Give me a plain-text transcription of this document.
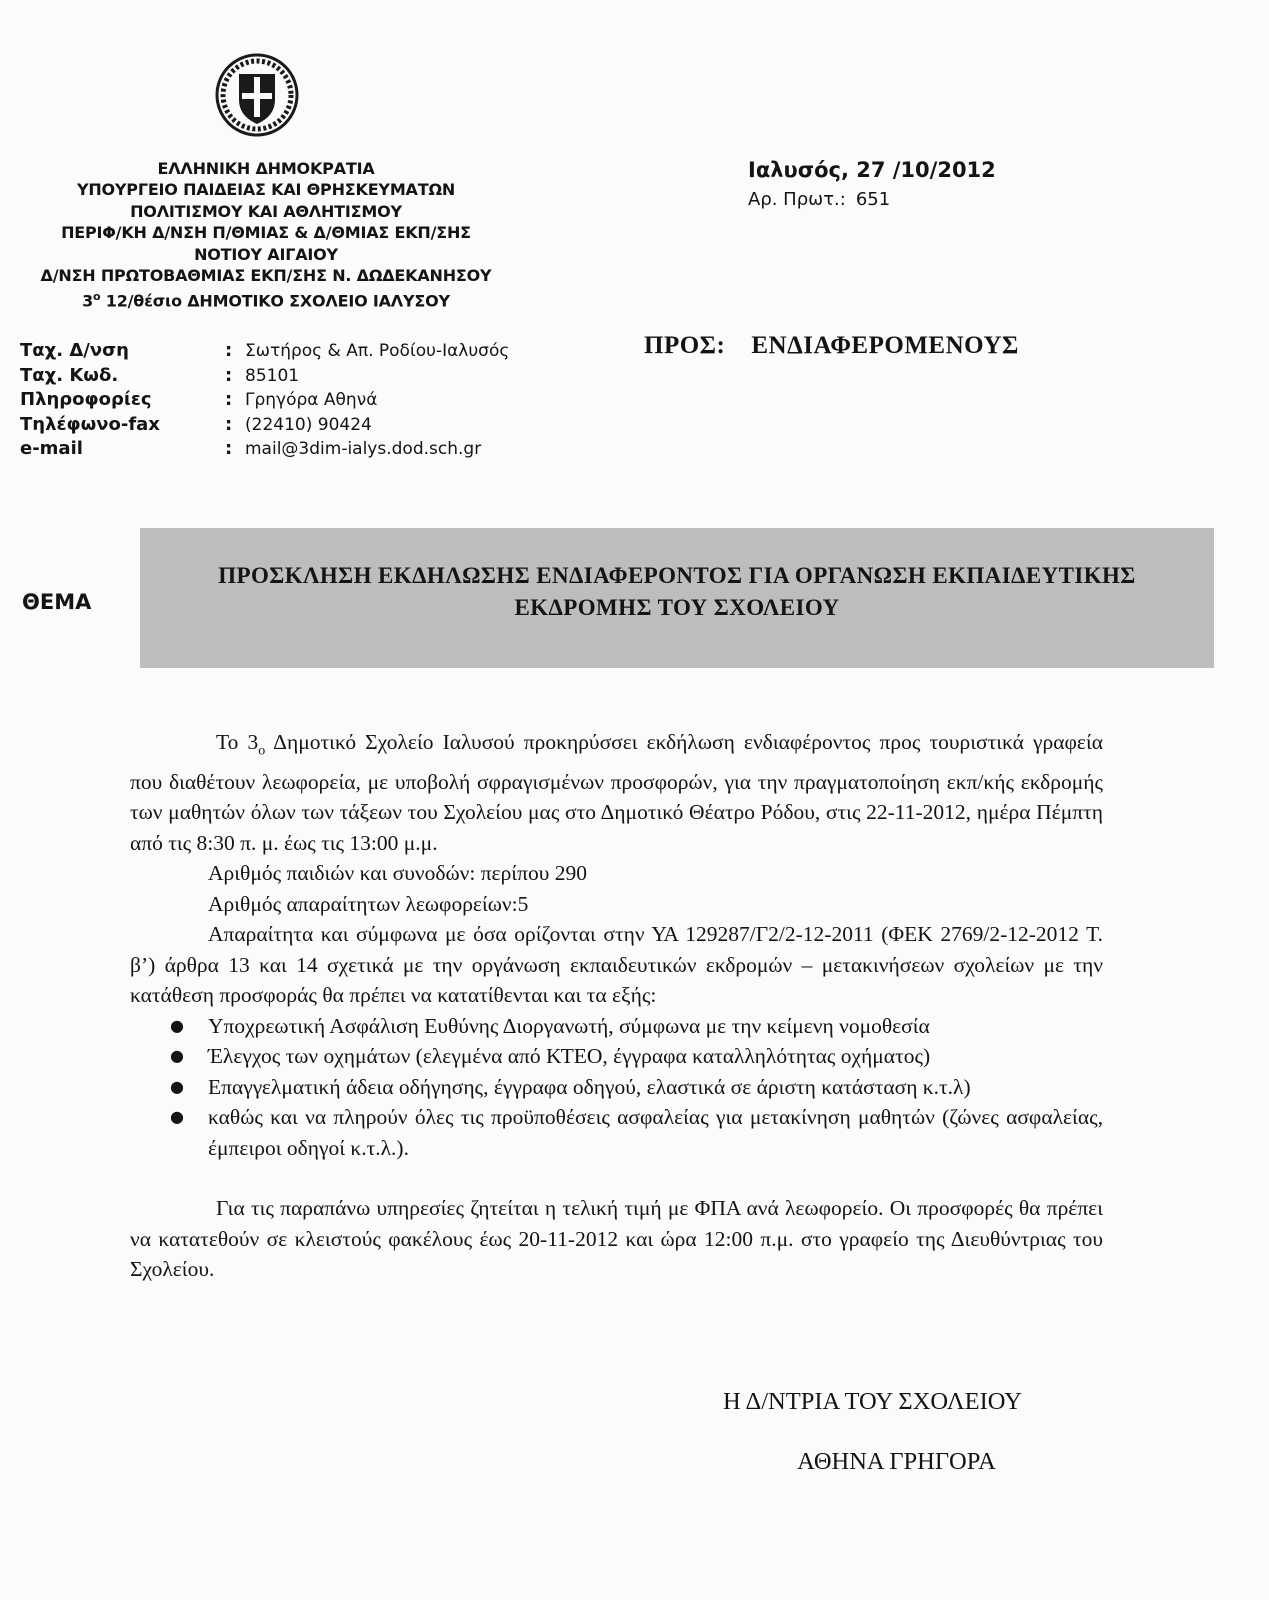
ΕΛΛΗΝΙΚΗ ΔΗΜΟΚΡΑΤΙΑ
ΥΠΟΥΡΓΕΙΟ ΠΑΙΔΕΙΑΣ ΚΑΙ ΘΡΗΣΚΕΥΜΑΤΩΝ
ΠΟΛΙΤΙΣΜΟΥ ΚΑΙ ΑΘΛΗΤΙΣΜΟΥ
ΠΕΡΙΦ/ΚΗ Δ/ΝΣΗ Π/ΘΜΙΑΣ & Δ/ΘΜΙΑΣ ΕΚΠ/ΣΗΣ
ΝΟΤΙΟΥ ΑΙΓΑΙΟΥ
Δ/ΝΣΗ ΠΡΩΤΟΒΑΘΜΙΑΣ ΕΚΠ/ΣΗΣ Ν. ΔΩΔΕΚΑΝΗΣΟΥ
$3^o$ 12/θέσιο ΔΗΜΟΤΙΚΟ ΣΧΟΛΕΙΟ ΙΑΛΥΣΟΥ
Ιαλυσός, 27 /10/2012
Αρ. Πρωτ.: 651
Ταχ. Δ/νση	: Σωτήρος & Απ. Ροδίου-Ιαλυσός
Ταχ. Κωδ.	: 85101
Πληροφορίες	: Γρηγόρα Αθηνά
Τηλέφωνο-fax	: (22410) 90424
e-mail	: mail@3dim-ialys.dod.sch.gr
ΠΡΟΣ: ΕΝΔΙΑΦΕΡΟΜΕΝΟΥΣ
ΘΕΜΑ
ΠΡΟΣΚΛΗΣΗ ΕΚΔΗΛΩΣΗΣ ΕΝΔΙΑΦΕΡΟΝΤΟΣ ΓΙΑ ΟΡΓΑΝΩΣΗ ΕΚΠΑΙΔΕΥΤΙΚΗΣ
ΕΚΔΡΟΜΗΣ ΤΟΥ ΣΧΟΛΕΙΟΥ

Το $3_o$ Δημοτικό Σχολείο Ιαλυσού προκηρύσσει εκδήλωση ενδιαφέροντος προς τουριστικά γραφεία που διαθέτουν λεωφορεία, με υποβολή σφραγισμένων προσφορών, για την πραγματοποίηση εκπ/κής εκδρομής των μαθητών όλων των τάξεων του Σχολείου μας στο Δημοτικό Θέατρο Ρόδου, στις 22-11-2012, ημέρα Πέμπτη από τις 8:30 π. μ. έως τις 13:00 μ.μ.

Αριθμός παιδιών και συνοδών: περίπου 290

Αριθμός απαραίτητων λεωφορείων:5

Απαραίτητα και σύμφωνα με όσα ορίζονται στην ΥΑ 129287/Γ2/2-12-2011 (ΦΕΚ 2769/2-12-2012 Τ. β’) άρθρα 13 και 14 σχετικά με την οργάνωση εκπαιδευτικών εκδρομών – μετακινήσεων σχολείων με την κατάθεση προσφοράς θα πρέπει να κατατίθενται και τα εξής:

● Υποχρεωτική Ασφάλιση Ευθύνης Διοργανωτή, σύμφωνα με την κείμενη νομοθεσία
● Έλεγχος των οχημάτων (ελεγμένα από ΚΤΕΟ, έγγραφα καταλληλότητας οχήματος)
● Επαγγελματική άδεια οδήγησης, έγγραφα οδηγού, ελαστικά σε άριστη κατάσταση κ.τ.λ)
● καθώς και να πληρούν όλες τις προϋποθέσεις ασφαλείας για μετακίνηση μαθητών (ζώνες ασφαλείας, έμπειροι οδηγοί κ.τ.λ.).

Για τις παραπάνω υπηρεσίες ζητείται η τελική τιμή με ΦΠΑ ανά λεωφορείο. Οι προσφορές θα πρέπει να κατατεθούν σε κλειστούς φακέλους έως 20-11-2012 και ώρα 12:00 π.μ. στο γραφείο της Διευθύντριας του Σχολείου.

Η Δ/ΝΤΡΙΑ ΤΟΥ ΣΧΟΛΕΙΟΥ
ΑΘΗΝΑ ΓΡΗΓΟΡΑ
